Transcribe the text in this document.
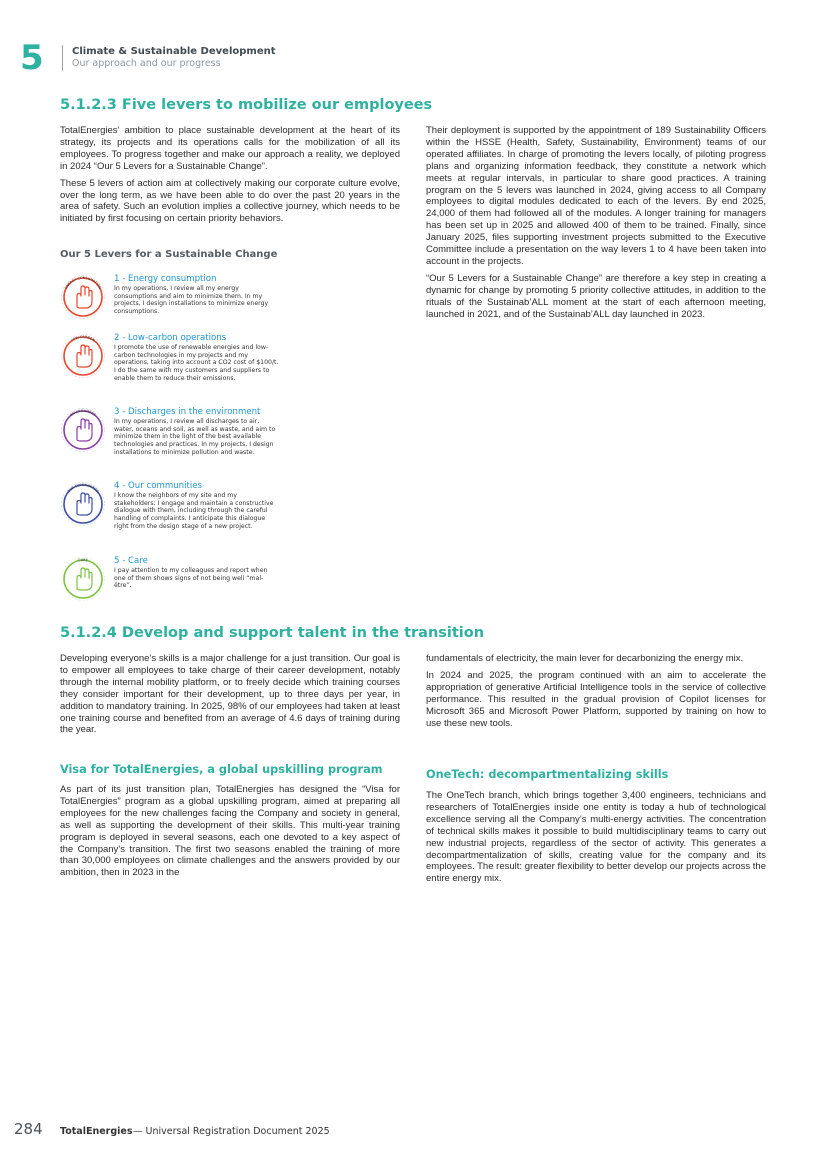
5	Climate & Sustainable Development
Our approach and our progress
5.1.2.3 Five levers to mobilize our employees

TotalEnergies’ ambition to place sustainable development at the heart of its strategy, its projects and its operations calls for the mobilization of all its employees. To progress together and make our approach a reality, we deployed in 2024 “Our 5 Levers for a Sustainable Change”.

These 5 levers of action aim at collectively making our corporate culture evolve, over the long term, as we have been able to do over the past 20 years in the area of safety. Such an evolution implies a collective journey, which needs to be initiated by first focusing on certain priority behaviors.

Our 5 Levers for a Sustainable Change
ENERGY CONSUMPTION
1 - Energy consumption
In my operations, I review all my energy consumptions and aim to minimize them. In my projects, I design installations to minimize energy consumptions.
LOW-CARBON 2 - Low-carbon operations
I promote the use of renewable energies and low-carbon technologies in my projects and my operations, taking into account a CO2 cost of $100/t. I do the same with my customers and suppliers to enable them to reduce their emissions.
ENVIRONMENT 3 - Discharges in the environment
In my operations, I review all discharges to air, water, oceans and soil, as well as waste, and aim to minimize them in the light of the best available technologies and practices. In my projects, I design installations to minimize pollution and waste.
OUR COMMUNITIES
4 - Our communities
I know the neighbors of my site and my stakeholders; I engage and maintain a constructive dialogue with them, including through the careful handling of complaints. I anticipate this dialogue right from the design stage of a new project.
CARE	5 - Care
I pay attention to my colleagues and report when one of them shows signs of not being well “mal-être”.

Their deployment is supported by the appointment of 189 Sustainability Officers within the HSSE (Health, Safety, Sustainability, Environment) teams of our operated affiliates. In charge of promoting the levers locally, of piloting progress plans and organizing information feedback, they constitute a network which meets at regular intervals, in particular to share good practices. A training program on the 5 levers was launched in 2024, giving access to all Company employees to digital modules dedicated to each of the levers. By end 2025, 24,000 of them had followed all of the modules. A longer training for managers has been set up in 2025 and allowed 400 of them to be trained. Finally, since January 2025, files supporting investment projects submitted to the Executive Committee include a presentation on the way levers 1 to 4 have been taken into account in the projects.

“Our 5 Levers for a Sustainable Change” are therefore a key step in creating a dynamic for change by promoting 5 priority collective attitudes, in addition to the rituals of the Sustainab’ALL moment at the start of each afternoon meeting, launched in 2021, and of the Sustainab’ALL day launched in 2023.

5.1.2.4 Develop and support talent in the transition

Developing everyone’s skills is a major challenge for a just transition. Our goal is to empower all employees to take charge of their career development, notably through the internal mobility platform, or to freely decide which training courses they consider important for their development, up to three days per year, in addition to mandatory training. In 2025, 98% of our employees had taken at least one training course and benefited from an average of 4.6 days of training during the year.

Visa for TotalEnergies, a global upskilling program

As part of its just transition plan, TotalEnergies has designed the “Visa for TotalEnergies” program as a global upskilling program, aimed at preparing all employees for the new challenges facing the Company and society in general, as well as supporting the development of their skills. This multi-year training program is deployed in several seasons, each one devoted to a key aspect of the Company’s transition. The first two seasons enabled the training of more than 30,000 employees on climate challenges and the answers provided by our ambition, then in 2023 in the

fundamentals of electricity, the main lever for decarbonizing the energy mix.

In 2024 and 2025, the program continued with an aim to accelerate the appropriation of generative Artificial Intelligence tools in the service of collective performance. This resulted in the gradual provision of Copilot licenses for Microsoft 365 and Microsoft Power Platform, supported by training on how to use these new tools.

OneTech: decompartmentalizing skills

The OneTech branch, which brings together 3,400 engineers, technicians and researchers of TotalEnergies inside one entity is today a hub of technological excellence serving all the Company’s multi-energy activities. The concentration of technical skills makes it possible to build multidisciplinary teams to carry out new industrial projects, regardless of the sector of activity. This generates a decompartmentalization of skills, creating value for the company and its employees. The result: greater flexibility to better develop our projects across the entire energy mix.

284 TotalEnergies — Universal Registration Document 2025
